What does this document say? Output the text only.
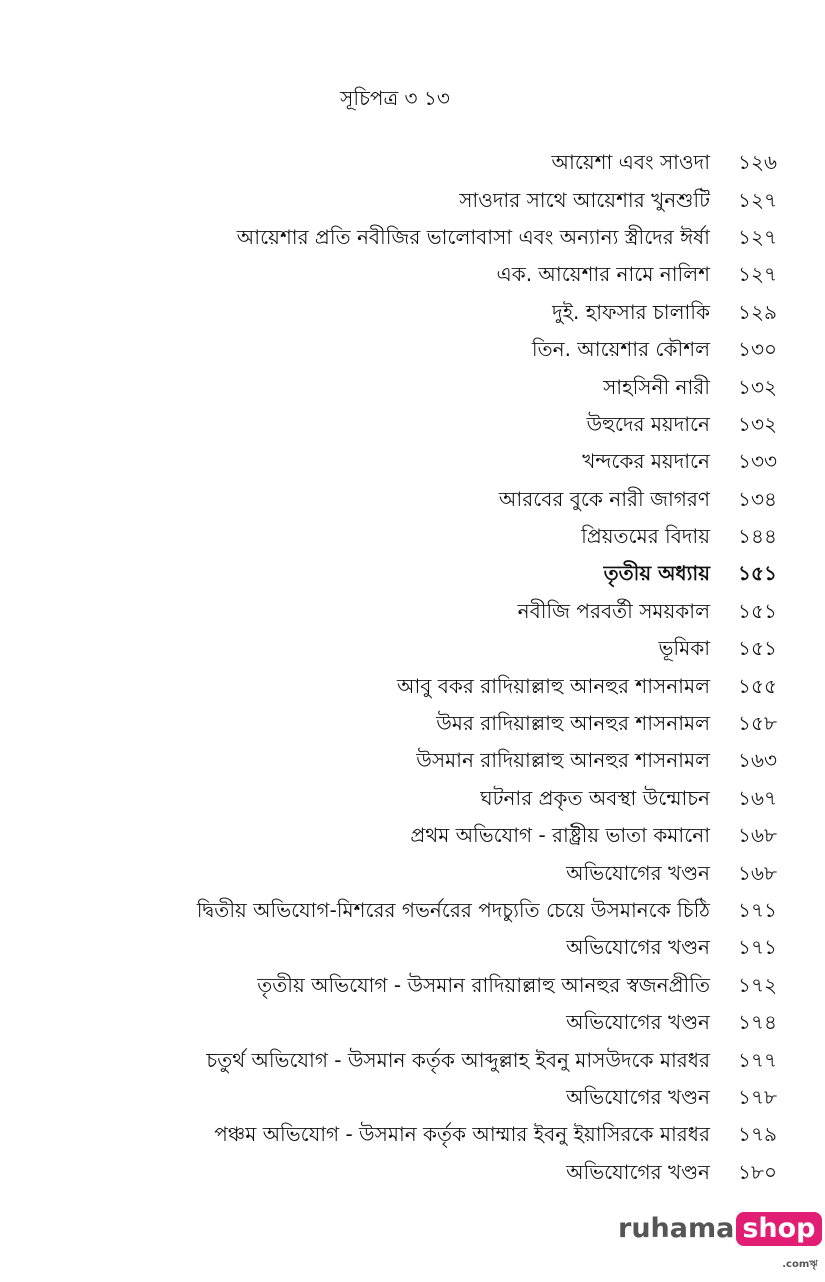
সূচিপত্র ৩ ১৩
আয়েশা এবং সাওদা	১২৬
সাওদার সাথে আয়েশার খুনশুটি	১২৭
আয়েশার প্রতি নবীজির ভালোবাসা এবং অন্যান্য স্ত্রীদের ঈর্ষা	১২৭
এক. আয়েশার নামে নালিশ	১২৭
দুই. হাফসার চালাকি	১২৯
তিন. আয়েশার কৌশল	১৩০
সাহসিনী নারী	১৩২
উহুদের ময়দানে	১৩২
খন্দকের ময়দানে	১৩৩
আরবের বুকে নারী জাগরণ	১৩৪
প্রিয়তমের বিদায়	১৪৪
তৃতীয় অধ্যায়	১৫১
নবীজি পরবর্তী সময়কাল	১৫১
ভূমিকা	১৫১
আবু বকর রাদিয়াল্লাহু আনহুর শাসনামল	১৫৫
উমর রাদিয়াল্লাহু আনহুর শাসনামল	১৫৮
উসমান রাদিয়াল্লাহু আনহুর শাসনামল	১৬৩
ঘটনার প্রকৃত অবস্থা উন্মোচন	১৬৭
প্রথম অভিযোগ - রাষ্ট্রীয় ভাতা কমানো	১৬৮
অভিযোগের খণ্ডন	১৬৮
দ্বিতীয় অভিযোগ-মিশরের গভর্নরের পদচ্যুতি চেয়ে উসমানকে চিঠি	১৭১
অভিযোগের খণ্ডন	১৭১
তৃতীয় অভিযোগ - উসমান রাদিয়াল্লাহু আনহুর স্বজনপ্রীতি	১৭২
অভিযোগের খণ্ডন	১৭৪
চতুর্থ অভিযোগ - উসমান কর্তৃক আব্দুল্লাহ ইবনু মাসউদকে মারধর	১৭৭
অভিযোগের খণ্ডন	১৭৮
পঞ্চম অভিযোগ - উসমান কর্তৃক আম্মার ইবনু ইয়াসিরকে মারধর	১৭৯
অভিযোগের খণ্ডন	১৮০
ruhama shop
.comৠ
